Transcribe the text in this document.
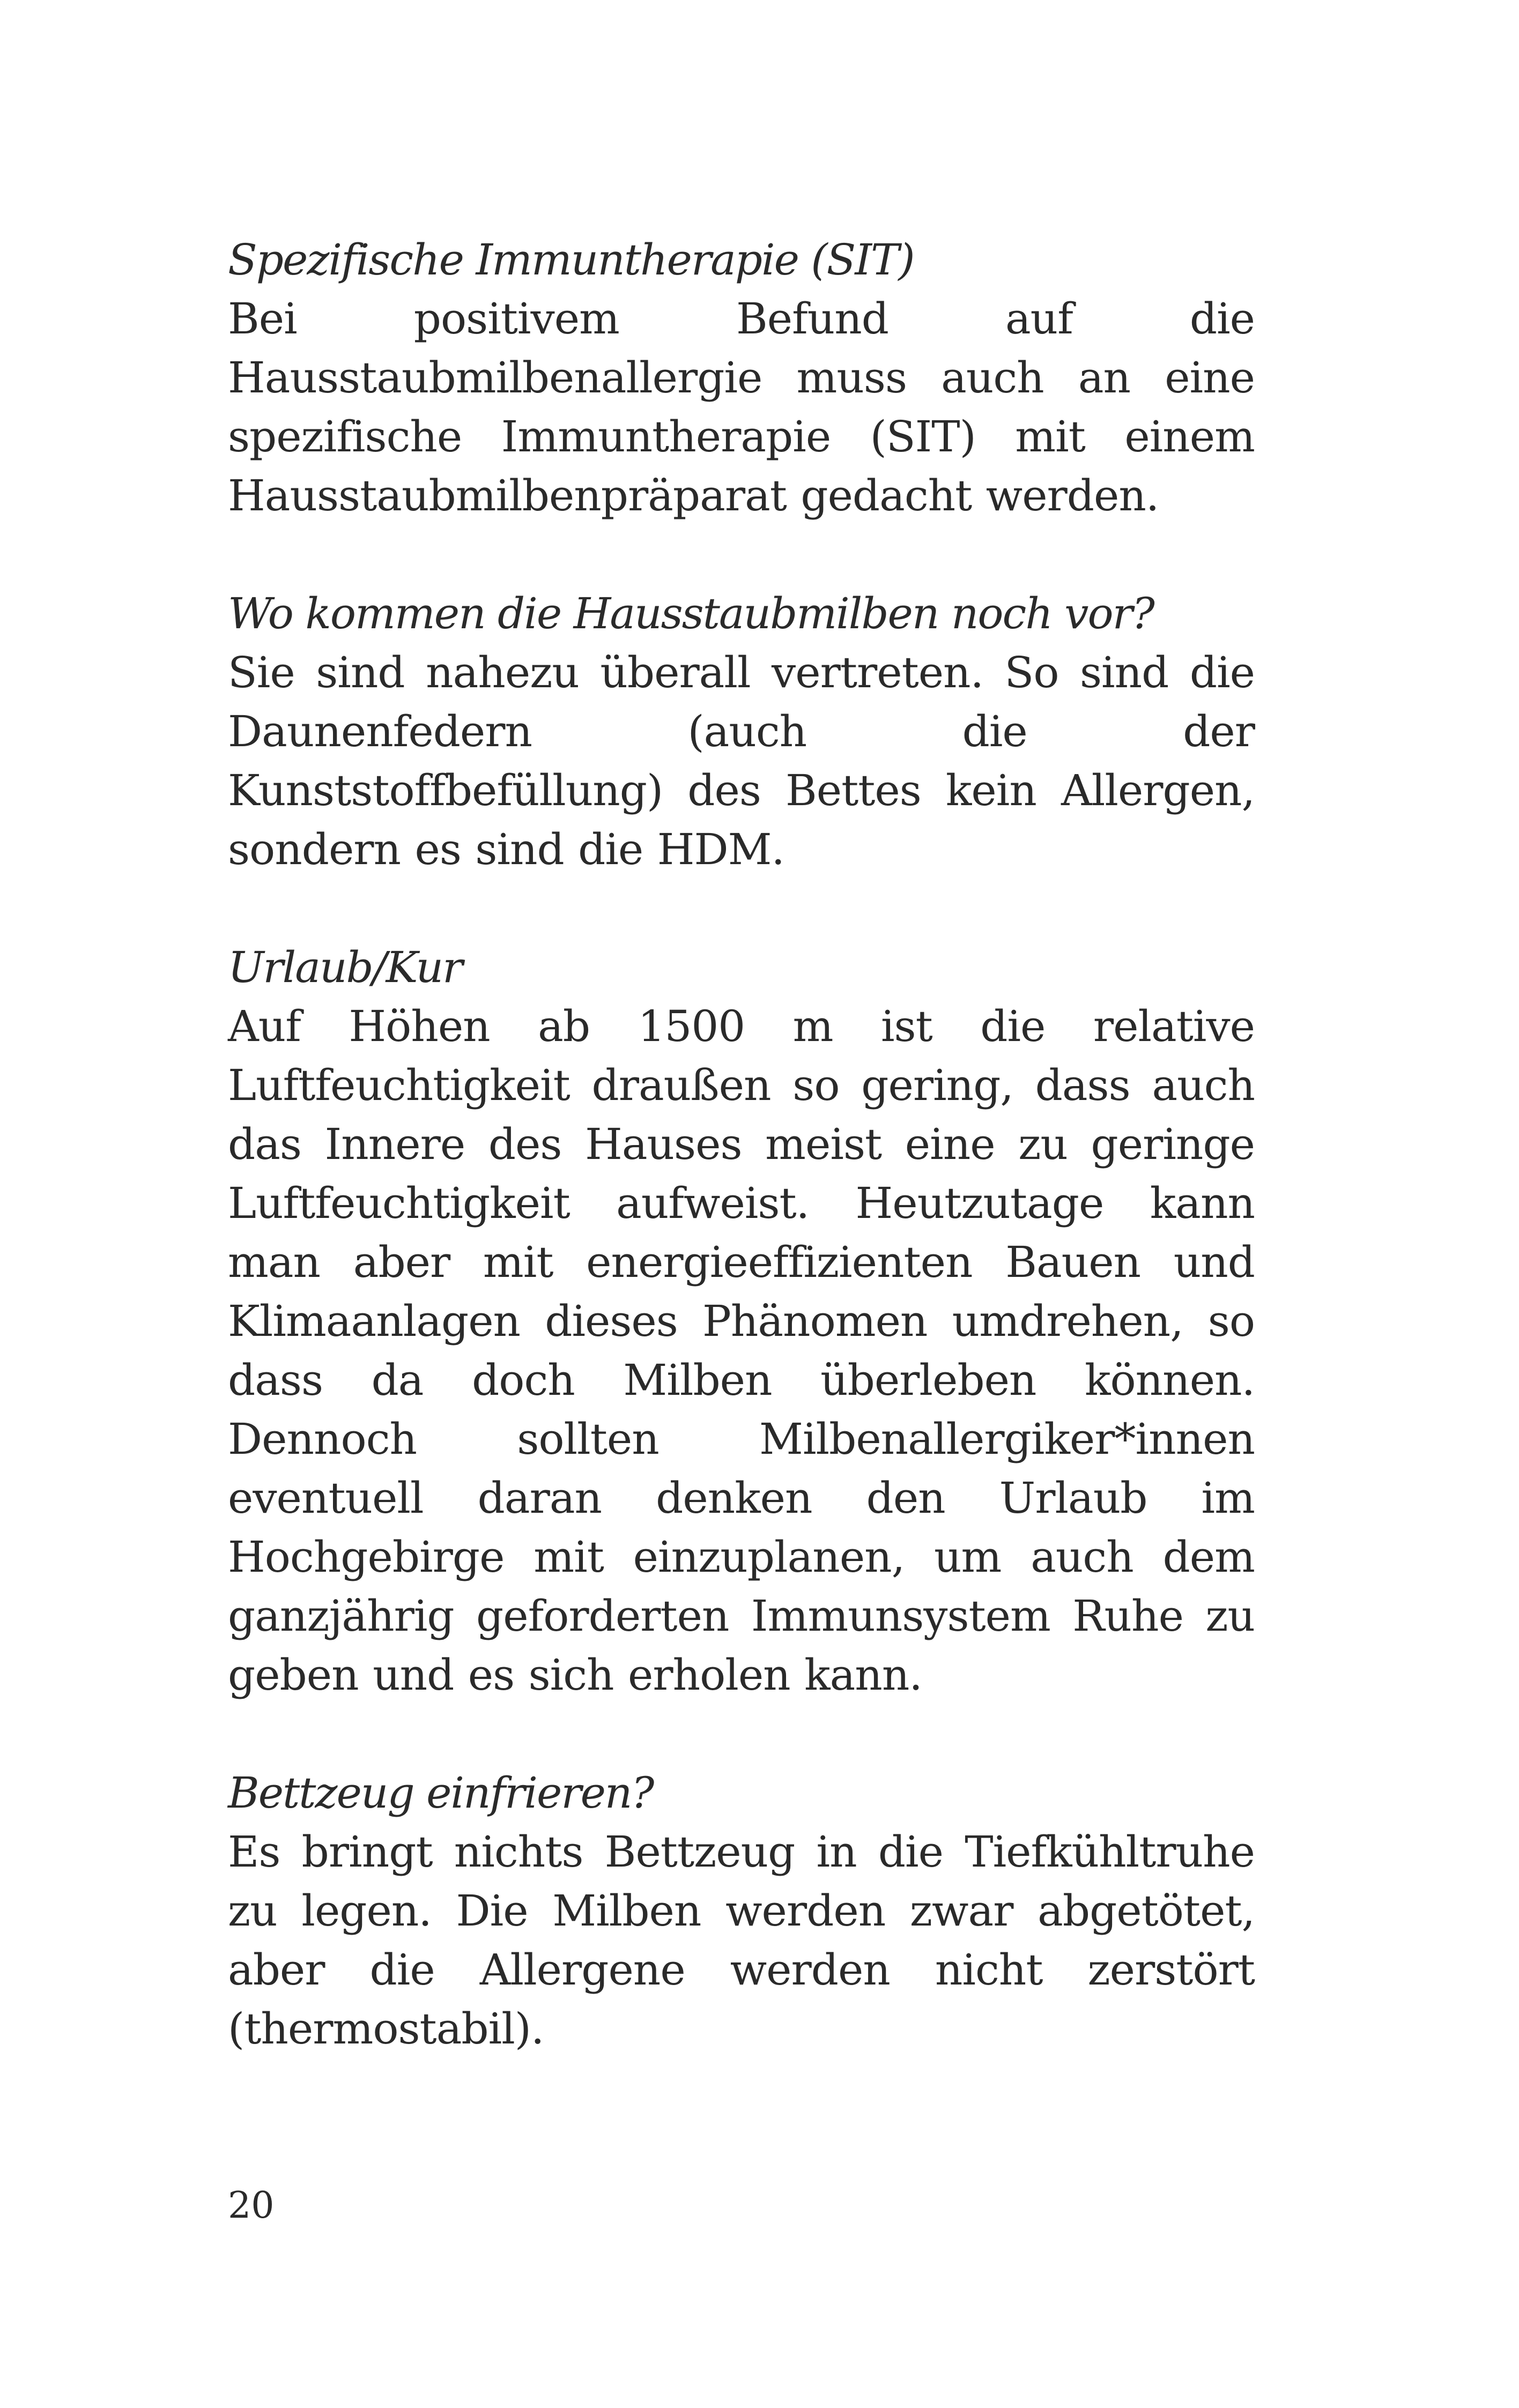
Spezifische Immuntherapie (SIT)

Bei positivem Befund auf die Hausstaubmilbenallergie muss auch an eine spezifische Immuntherapie (SIT) mit einem Hausstaubmilbenpräparat gedacht werden.

Wo kommen die Hausstaubmilben noch vor?

Sie sind nahezu überall vertreten. So sind die Daunenfedern (auch die der Kunststoffbefüllung) des Bettes kein Allergen, sondern es sind die HDM.

Urlaub/Kur

Auf Höhen ab 1500 m ist die relative Luftfeuchtigkeit draußen so gering, dass auch das Innere des Hauses meist eine zu geringe Luftfeuchtigkeit aufweist. Heutzutage kann man aber mit energieeffizienten Bauen und Klimaanlagen dieses Phänomen umdrehen, so dass da doch Milben überleben können. Dennoch sollten Milbenallergiker*innen eventuell daran denken den Urlaub im Hochgebirge mit einzuplanen, um auch dem ganzjährig geforderten Immunsystem Ruhe zu geben und es sich erholen kann.

Bettzeug einfrieren?

Es bringt nichts Bettzeug in die Tiefkühltruhe zu legen. Die Milben werden zwar abgetötet, aber die Allergene werden nicht zerstört (thermostabil).

20
